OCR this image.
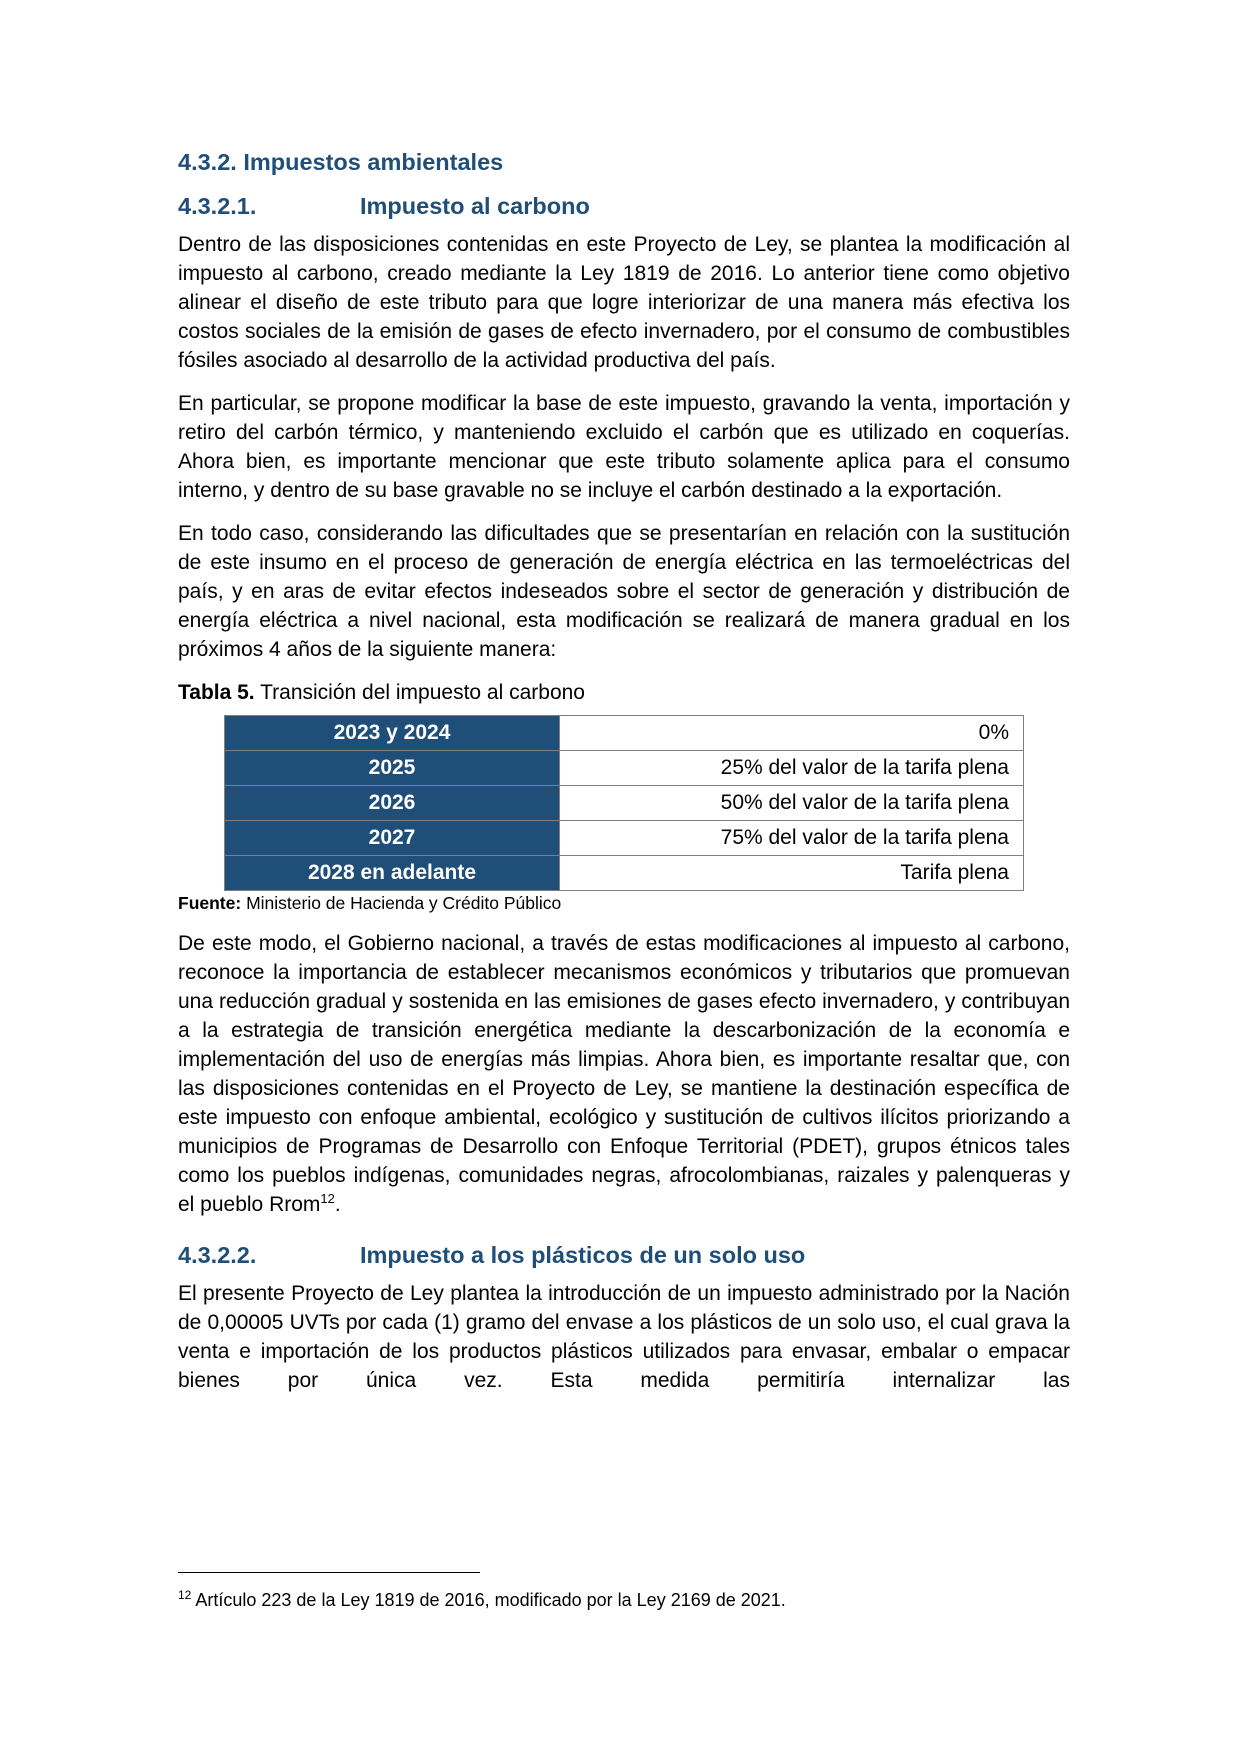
4.3.2. Impuestos ambientales
4.3.2.1.	Impuesto al carbono

Dentro de las disposiciones contenidas en este Proyecto de Ley, se plantea la modificación al impuesto al carbono, creado mediante la Ley 1819 de 2016. Lo anterior tiene como objetivo alinear el diseño de este tributo para que logre interiorizar de una manera más efectiva los costos sociales de la emisión de gases de efecto invernadero, por el consumo de combustibles fósiles asociado al desarrollo de la actividad productiva del país.

En particular, se propone modificar la base de este impuesto, gravando la venta, importación y retiro del carbón térmico, y manteniendo excluido el carbón que es utilizado en coquerías. Ahora bien, es importante mencionar que este tributo solamente aplica para el consumo interno, y dentro de su base gravable no se incluye el carbón destinado a la exportación.

En todo caso, considerando las dificultades que se presentarían en relación con la sustitución de este insumo en el proceso de generación de energía eléctrica en las termoeléctricas del país, y en aras de evitar efectos indeseados sobre el sector de generación y distribución de energía eléctrica a nivel nacional, esta modificación se realizará de manera gradual en los próximos 4 años de la siguiente manera:

Tabla 5. Transición del impuesto al carbono
2023 y 2024	0%
2025	25% del valor de la tarifa plena
2026	50% del valor de la tarifa plena
2027	75% del valor de la tarifa plena
2028 en adelante	Tarifa plena
Fuente: Ministerio de Hacienda y Crédito Público

De este modo, el Gobierno nacional, a través de estas modificaciones al impuesto al carbono, reconoce la importancia de establecer mecanismos económicos y tributarios que promuevan una reducción gradual y sostenida en las emisiones de gases efecto invernadero, y contribuyan a la estrategia de transición energética mediante la descarbonización de la economía e implementación del uso de energías más limpias. Ahora bien, es importante resaltar que, con las disposiciones contenidas en el Proyecto de Ley, se mantiene la destinación específica de este impuesto con enfoque ambiental, ecológico y sustitución de cultivos ilícitos priorizando a municipios de Programas de Desarrollo con Enfoque Territorial (PDET), grupos étnicos tales como los pueblos indígenas, comunidades negras, afrocolombianas, raizales y palenqueras y el pueblo Rrom$^{12}$.

4.3.2.2.	Impuesto a los plásticos de un solo uso

El presente Proyecto de Ley plantea la introducción de un impuesto administrado por la Nación de 0,00005 UVTs por cada (1) gramo del envase a los plásticos de un solo uso, el cual grava la venta e importación de los productos plásticos utilizados para envasar, embalar o empacar bienes por única vez. Esta medida permitiría internalizar las

$^{12}$ Artículo 223 de la Ley 1819 de 2016, modificado por la Ley 2169 de 2021.
